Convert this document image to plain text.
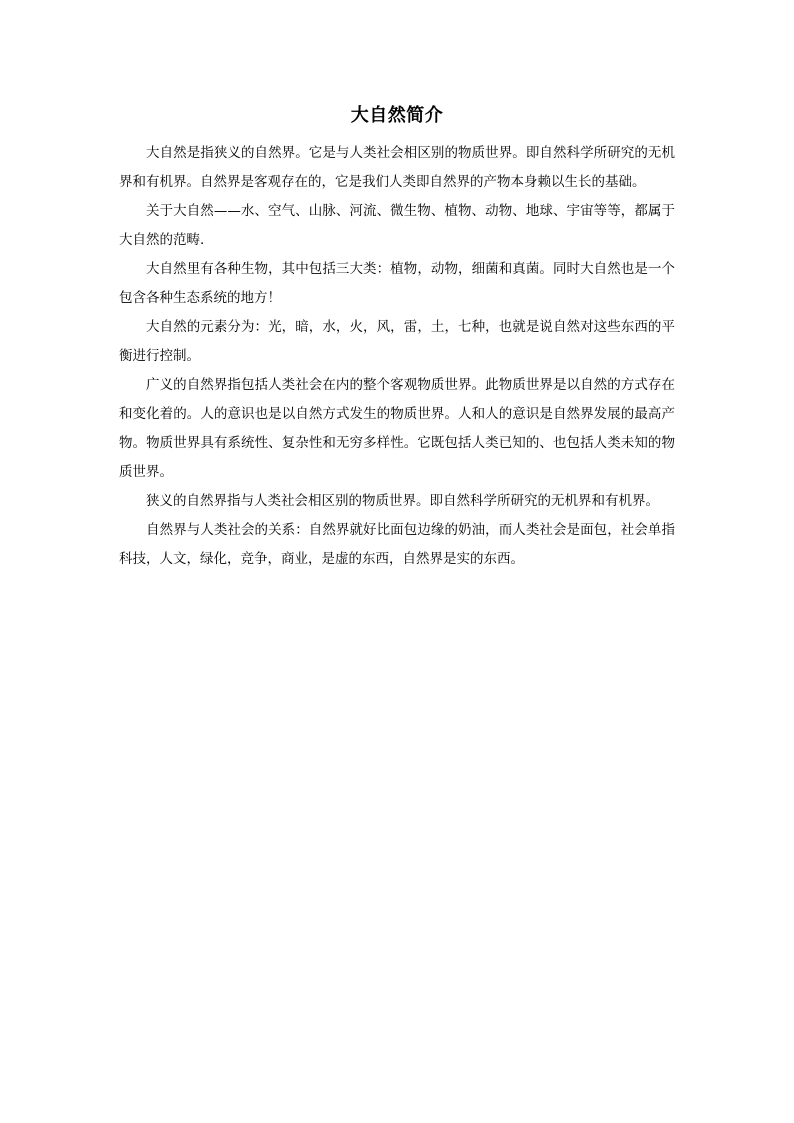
大自然简介

大自然是指狭义的自然界。它是与人类社会相区别的物质世界。即自然科学所研究的无机界和有机界。自然界是客观存在的，它是我们人类即自然界的产物本身赖以生长的基础。

关于大自然——水、空气、山脉、河流、微生物、植物、动物、地球、宇宙等等，都属于大自然的范畴.

大自然里有各种生物，其中包括三大类：植物，动物，细菌和真菌。同时大自然也是一个包含各种生态系统的地方！

大自然的元素分为：光，暗，水，火，风，雷，土，七种，也就是说自然对这些东西的平衡进行控制。

广义的自然界指包括人类社会在内的整个客观物质世界。此物质世界是以自然的方式存在和变化着的。人的意识也是以自然方式发生的物质世界。人和人的意识是自然界发展的最高产物。物质世界具有系统性、复杂性和无穷多样性。它既包括人类已知的、也包括人类未知的物质世界。

狭义的自然界指与人类社会相区别的物质世界。即自然科学所研究的无机界和有机界。

自然界与人类社会的关系：自然界就好比面包边缘的奶油，而人类社会是面包，社会单指科技，人文，绿化，竞争，商业，是虚的东西，自然界是实的东西。
